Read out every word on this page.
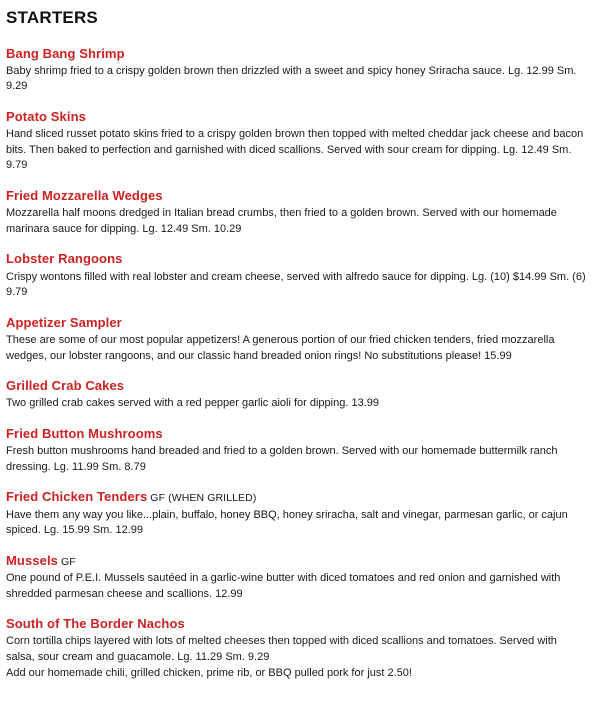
STARTERS
Bang Bang Shrimp

Baby shrimp fried to a crispy golden brown then drizzled with a sweet and spicy honey Sriracha sauce. Lg. 12.99 Sm. 9.29

Potato Skins

Hand sliced russet potato skins fried to a crispy golden brown then topped with melted cheddar jack cheese and bacon bits. Then baked to perfection and garnished with diced scallions. Served with sour cream for dipping. Lg. 12.49 Sm. 9.79

Fried Mozzarella Wedges

Mozzarella half moons dredged in Italian bread crumbs, then fried to a golden brown. Served with our homemade marinara sauce for dipping. Lg. 12.49 Sm. 10.29

Lobster Rangoons

Crispy wontons filled with real lobster and cream cheese, served with alfredo sauce for dipping. Lg. (10) $14.99 Sm. (6) 9.79

Appetizer Sampler

These are some of our most popular appetizers! A generous portion of our fried chicken tenders, fried mozzarella wedges, our lobster rangoons, and our classic hand breaded onion rings! No substitutions please! 15.99

Grilled Crab Cakes

Two grilled crab cakes served with a red pepper garlic aioli for dipping. 13.99

Fried Button Mushrooms

Fresh button mushrooms hand breaded and fried to a golden brown. Served with our homemade buttermilk ranch dressing. Lg. 11.99 Sm. 8.79

Fried Chicken Tenders GF (WHEN GRILLED)

Have them any way you like...plain, buffalo, honey BBQ, honey sriracha, salt and vinegar, parmesan garlic, or cajun spiced. Lg. 15.99 Sm. 12.99

Mussels GF

One pound of P.E.I. Mussels sautéed in a garlic-wine butter with diced tomatoes and red onion and garnished with shredded parmesan cheese and scallions. 12.99

South of The Border Nachos

Corn tortilla chips layered with lots of melted cheeses then topped with diced scallions and tomatoes. Served with salsa, sour cream and guacamole. Lg. 11.29 Sm. 9.29

Add our homemade chili, grilled chicken, prime rib, or BBQ pulled pork for just 2.50!
